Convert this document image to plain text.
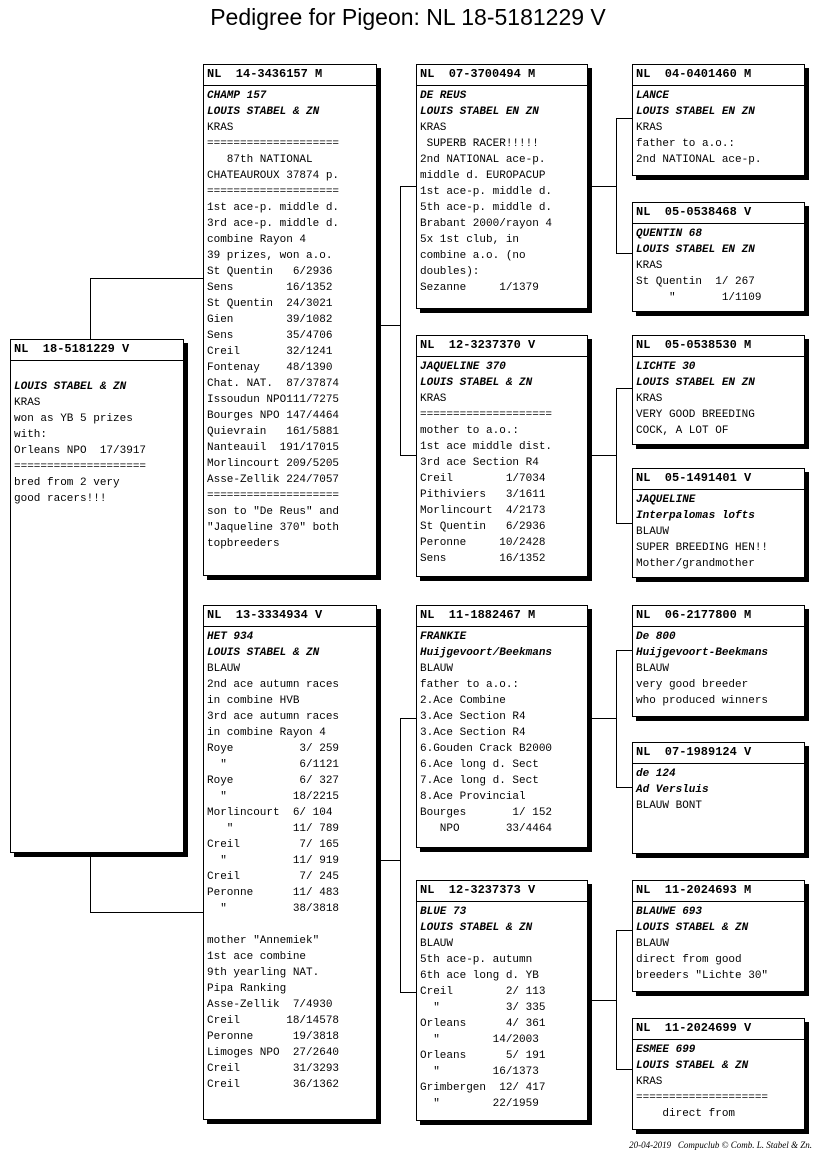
Pedigree for Pigeon: NL 18-5181229 V
NL  18-5181229 V
LOUIS STABEL & ZN
KRAS
won as YB 5 prizes
with:
Orleans NPO  17/3917
====================
bred from 2 very
good racers!!!
NL  14-3436157 M
CHAMP 157
LOUIS STABEL & ZN
KRAS
====================
87th NATIONAL
CHATEAUROUX 37874 p.
====================
1st ace-p. middle d.
3rd ace-p. middle d.
combine Rayon 4
39 prizes, won a.o.
St Quentin   6/2936
Sens        16/1352
St Quentin  24/3021
Gien        39/1082
Sens        35/4706
Creil       32/1241
Fontenay    48/1390
Chat. NAT.  87/37874
Issoudun NPO111/7275
Bourges NPO 147/4464
Quievrain   161/5881
Nanteauil  191/17015
Morlincourt 209/5205
Asse-Zellik 224/7057
====================
son to "De Reus" and
"Jaqueline 370" both
topbreeders
NL  13-3334934 V
HET 934
LOUIS STABEL & ZN
BLAUW
2nd ace autumn races
in combine HVB
3rd ace autumn races
in combine Rayon 4
Roye          3/ 259
"           6/1121
Roye          6/ 327
"          18/2215
Morlincourt  6/ 104
"         11/ 789
Creil         7/ 165
"          11/ 919
Creil         7/ 245
Peronne      11/ 483
"          38/3818
mother "Annemiek"
1st ace combine
9th yearling NAT.
Pipa Ranking
Asse-Zellik  7/4930
Creil       18/14578
Peronne      19/3818
Limoges NPO  27/2640
Creil        31/3293
Creil        36/1362
NL  07-3700494 M
DE REUS
LOUIS STABEL EN ZN
KRAS
SUPERB RACER!!!!!
2nd NATIONAL ace-p.
middle d. EUROPACUP
1st ace-p. middle d.
5th ace-p. middle d.
Brabant 2000/rayon 4
5x 1st club, in
combine a.o. (no
doubles):
Sezanne     1/1379
NL  12-3237370 V
JAQUELINE 370
LOUIS STABEL & ZN
KRAS
====================
mother to a.o.:
1st ace middle dist.
3rd ace Section R4
Creil        1/7034
Pithiviers   3/1611
Morlincourt  4/2173
St Quentin   6/2936
Peronne     10/2428
Sens        16/1352
NL  11-1882467 M
FRANKIE
Huijgevoort/Beekmans
BLAUW
father to a.o.:
2.Ace Combine
3.Ace Section R4
3.Ace Section R4
6.Gouden Crack B2000
6.Ace long d. Sect
7.Ace long d. Sect
8.Ace Provincial
Bourges       1/ 152
NPO       33/4464
NL  12-3237373 V
BLUE 73
LOUIS STABEL & ZN
BLAUW
5th ace-p. autumn
6th ace long d. YB
Creil        2/ 113
"          3/ 335
Orleans      4/ 361
"        14/2003
Orleans      5/ 191
"        16/1373
Grimbergen  12/ 417
"        22/1959
NL  04-0401460 M
LANCE
LOUIS STABEL EN ZN
KRAS
father to a.o.:
2nd NATIONAL ace-p.
NL  05-0538468 V
QUENTIN 68
LOUIS STABEL EN ZN
KRAS
St Quentin  1/ 267
"       1/1109
NL  05-0538530 M
LICHTE 30
LOUIS STABEL EN ZN
KRAS
VERY GOOD BREEDING
COCK, A LOT OF
NL  05-1491401 V
JAQUELINE
Interpalomas lofts
BLAUW
SUPER BREEDING HEN!!
Mother/grandmother
NL  06-2177800 M
De 800
Huijgevoort-Beekmans
BLAUW
very good breeder
who produced winners
NL  07-1989124 V
de 124
Ad Versluis
BLAUW BONT
NL  11-2024693 M
BLAUWE 693
LOUIS STABEL & ZN
BLAUW
direct from good
breeders "Lichte 30"
NL  11-2024699 V
ESMEE 699
LOUIS STABEL & ZN
KRAS
====================
direct from
20-04-2019   Compuclub © Comb. L. Stabel & Zn.
